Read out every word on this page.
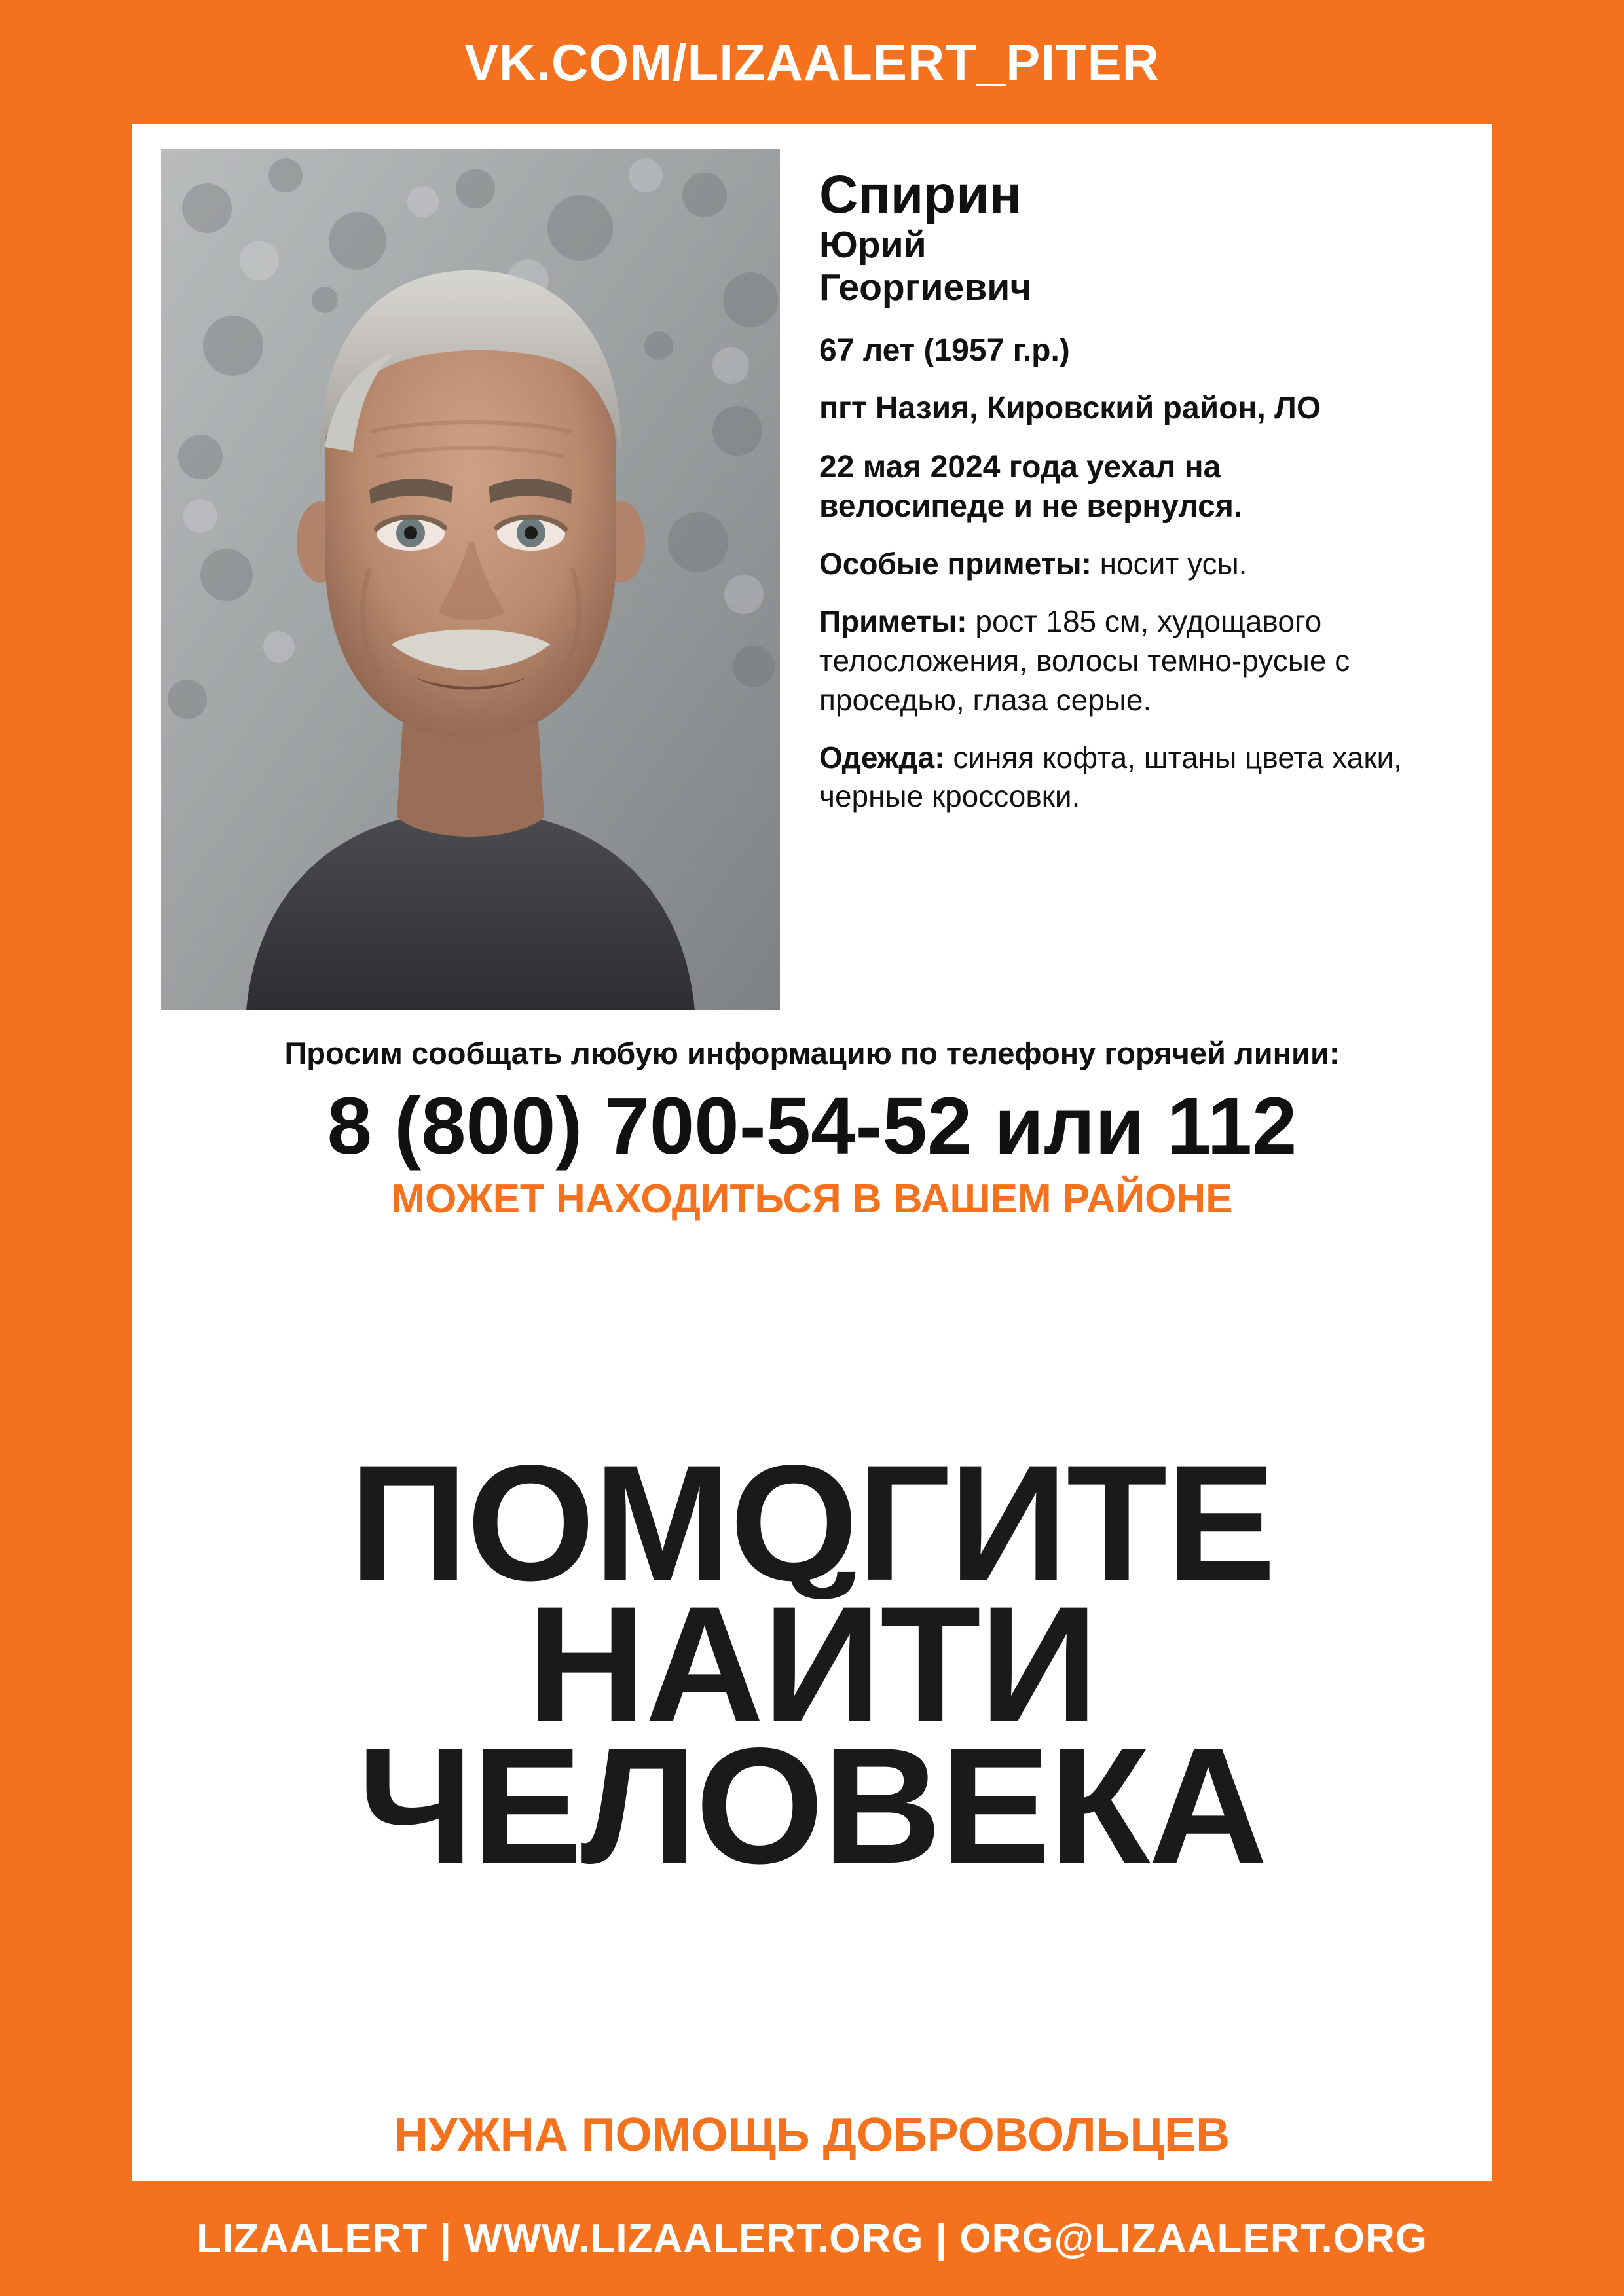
VK.COM/LIZAALERT_PITER
Спирин
Юрий
Георгиевич
67 лет (1957 г.р.)
пгт Назия, Кировский район, ЛО
22 мая 2024 года уехал на велосипеде и не вернулся.
Особые приметы: носит усы.
Приметы: рост 185 см, худощавого телосложения, волосы темно-русые с проседью, глаза серые.
Одежда: синяя кофта, штаны цвета хаки, черные кроссовки.
Просим сообщать любую информацию по телефону горячей линии:
8 (800) 700-54-52 или 112
МОЖЕТ НАХОДИТЬСЯ В ВАШЕМ РАЙОНЕ
ПОМОГИТЕ
НАЙТИ
ЧЕЛОВЕКА
НУЖНА ПОМОЩЬ ДОБРОВОЛЬЦЕВ
LIZAALERT | WWW.LIZAALERT.ORG | ORG@LIZAALERT.ORG
